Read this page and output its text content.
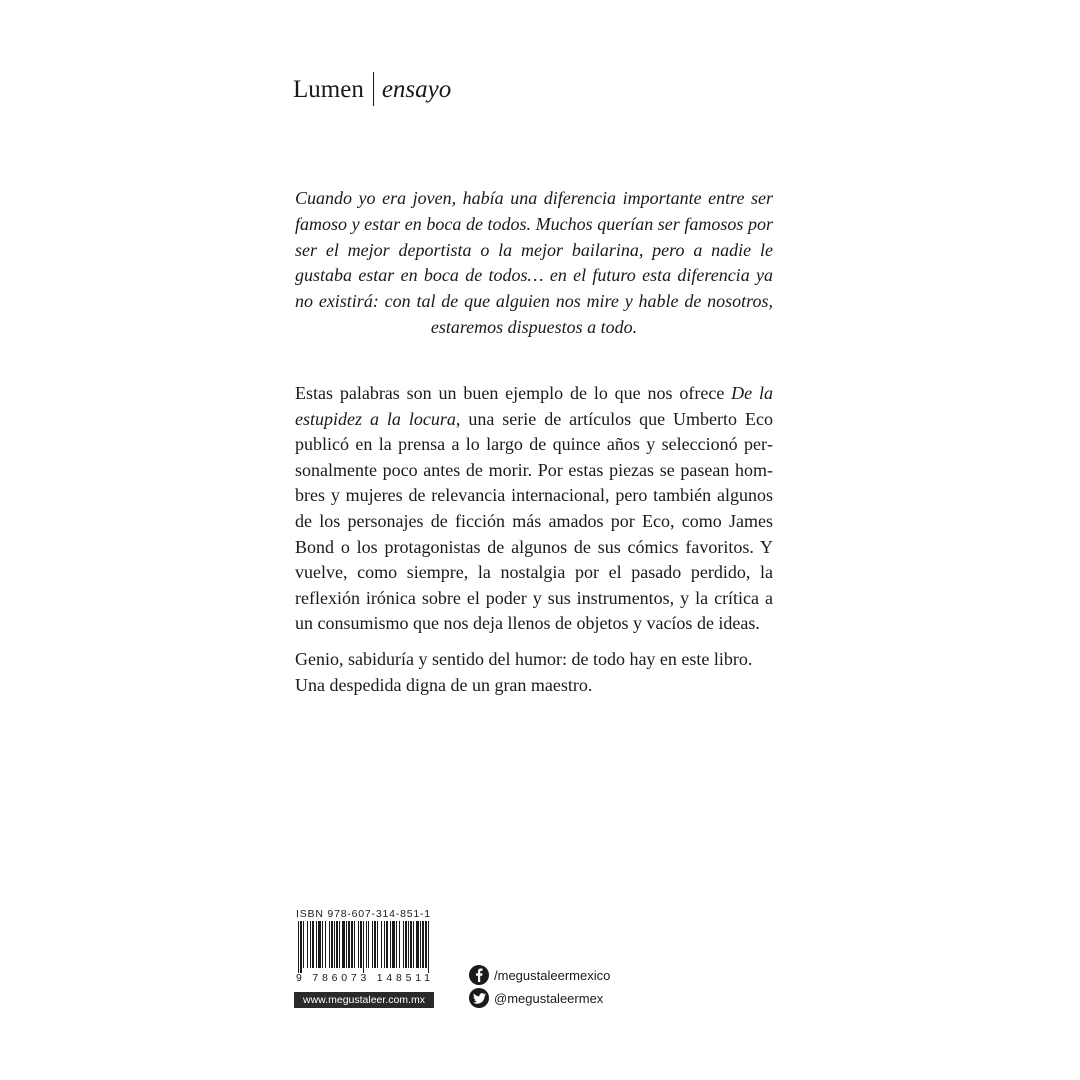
Lumen ensayo

Cuando yo era joven, había una diferencia importante entre ser famoso y estar en boca de todos. Muchos querían ser famosos por ser el mejor deportista o la mejor bailarina, pero a nadie le gustaba estar en boca de todos… en el futuro esta diferencia ya no existirá: con tal de que alguien nos mire y hable de nosotros, estaremos dispuestos a todo.

Estas palabras son un buen ejemplo de lo que nos ofrece De la estupidez a la locura, una serie de artículos que Umberto Eco publicó en la prensa a lo largo de quince años y seleccionó personalmente poco antes de morir. Por estas piezas se pasean hombres y mujeres de relevancia internacional, pero también algunos de los personajes de ficción más amados por Eco, como James Bond o los protagonistas de algunos de sus cómics favoritos. Y vuelve, como siempre, la nostalgia por el pasado perdido, la reflexión irónica sobre el poder y sus instrumentos, y la crítica a un consumismo que nos deja llenos de objetos y vacíos de ideas.

Genio, sabiduría y sentido del humor: de todo hay en este libro. Una despedida digna de un gran maestro.

ISBN 978-607-314-851-1
9 786073 148511
www.megustaleer.com.mx
/megustaleermexico
@megustaleermex
